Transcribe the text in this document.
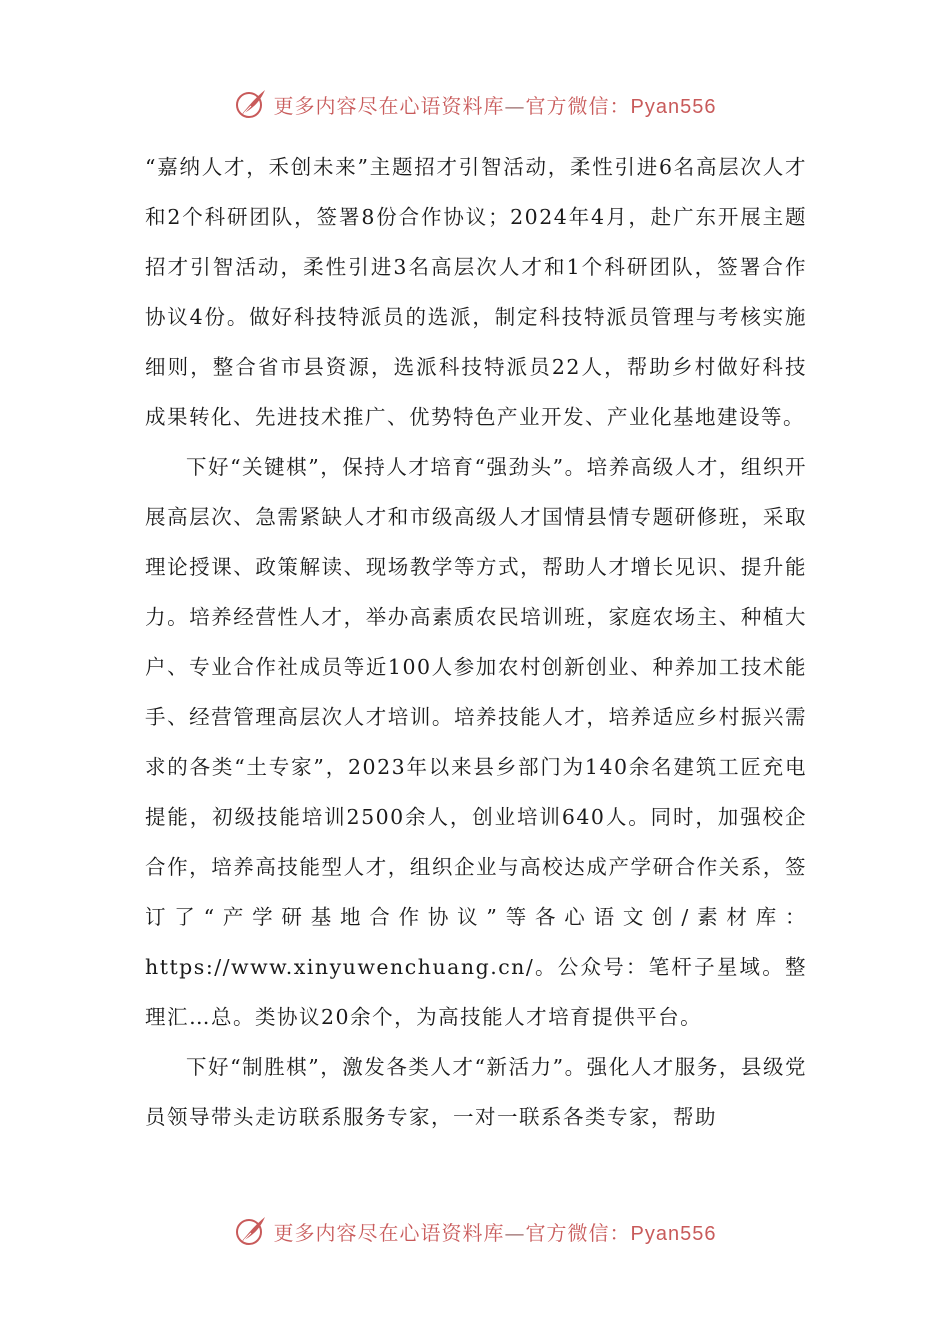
更多内容尽在心语资料库—官方微信：Pyan556

“嘉纳人才，禾创未来”主题招才引智活动，柔性引进6名高层次人才和2个科研团队，签署8份合作协议；2024年4月，赴广东开展主题招才引智活动，柔性引进3名高层次人才和1个科研团队，签署合作协议4份。做好科技特派员的选派，制定科技特派员管理与考核实施细则，整合省市县资源，选派科技特派员22人，帮助乡村做好科技成果转化、先进技术推广、优势特色产业开发、产业化基地建设等。

下好“关键棋”，保持人才培育“强劲头”。培养高级人才，组织开展高层次、急需紧缺人才和市级高级人才国情县情专题研修班，采取理论授课、政策解读、现场教学等方式，帮助人才增长见识、提升能力。培养经营性人才，举办高素质农民培训班，家庭农场主、种植大户、专业合作社成员等近100人参加农村创新创业、种养加工技术能手、经营管理高层次人才培训。培养技能人才，培养适应乡村振兴需求的各类“土专家”，2023年以来县乡部门为140余名建筑工匠充电提能，初级技能培训2500余人，创业培训640人。同时，加强校企合作，培养高技能型人才，组织企业与高校达成产学研合作关系，签订了“产学研基地合作协议”等各心语文创/素材库：https://www.xinyuwenchuang.cn/。公众号：笔杆子星域。整理汇…总。类协议20余个，为高技能人才培育提供平台。

下好“制胜棋”，激发各类人才“新活力”。强化人才服务，县级党员领导带头走访联系服务专家，一对一联系各类专家，帮助

更多内容尽在心语资料库—官方微信：Pyan556
